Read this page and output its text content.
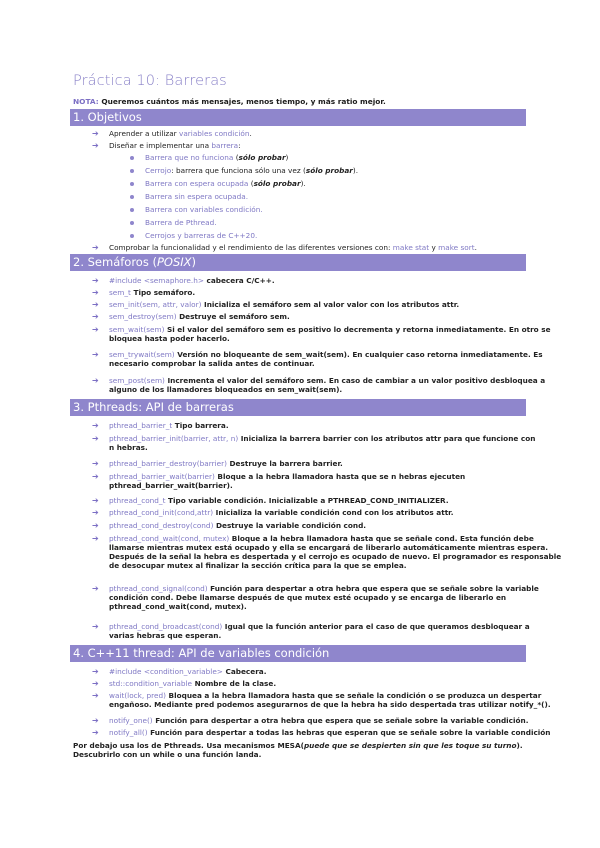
Práctica 10: Barreras
NOTA: Queremos cuántos más mensajes, menos tiempo, y más ratio mejor.
1. Objetivos
➔ Aprender a utilizar variables condición.
➔ Diseñar e implementar una barrera:
Barrera que no funciona (sólo probar)
Cerrojo: barrera que funciona sólo una vez (sólo probar).
Barrera con espera ocupada (sólo probar).
Barrera sin espera ocupada.
Barrera con variables condición.
Barrera de Pthread.
Cerrojos y barreras de C++20.
➔ Comprobar la funcionalidad y el rendimiento de las diferentes versiones con: make stat y make sort.
2. Semáforos (POSIX)
➔ #include <semaphore.h> cabecera C/C++.
➔ sem_t Tipo semáforo.
➔ sem_init(sem, attr, valor) Inicializa el semáforo sem al valor valor con los atributos attr.
➔ sem_destroy(sem) Destruye el semáforo sem.
➔ sem_wait(sem) Si el valor del semáforo sem es positivo lo decrementa y retorna inmediatamente. En otro se
bloquea hasta poder hacerlo.
➔ sem_trywait(sem) Versión no bloqueante de sem_wait(sem). En cualquier caso retorna inmediatamente. Es
necesario comprobar la salida antes de continuar.
➔ sem_post(sem) Incrementa el valor del semáforo sem. En caso de cambiar a un valor positivo desbloquea a
alguno de los llamadores bloqueados en sem_wait(sem).
3. Pthreads: API de barreras
➔ pthread_barrier_t Tipo barrera.
➔ pthread_barrier_init(barrier, attr, n) Inicializa la barrera barrier con los atributos attr para que funcione con
n hebras.
➔ pthread_barrier_destroy(barrier) Destruye la barrera barrier.
➔ pthread_barrier_wait(barrier) Bloque a la hebra llamadora hasta que se n hebras ejecuten
pthread_barrier_wait(barrier).
➔ pthread_cond_t Tipo variable condición. Inicializable a PTHREAD_COND_INITIALIZER.
➔ pthread_cond_init(cond,attr) Inicializa la variable condición cond con los atributos attr.
➔ pthread_cond_destroy(cond) Destruye la variable condición cond.
➔ pthread_cond_wait(cond, mutex) Bloque a la hebra llamadora hasta que se señale cond. Esta función debe
llamarse mientras mutex está ocupado y ella se encargará de liberarlo automáticamente mientras espera.
Después de la señal la hebra es despertada y el cerrojo es ocupado de nuevo. El programador es responsable
de desocupar mutex al finalizar la sección crítica para la que se emplea.
➔ pthread_cond_signal(cond) Función para despertar a otra hebra que espera que se señale sobre la variable
condición cond. Debe llamarse después de que mutex esté ocupado y se encarga de liberarlo en
pthread_cond_wait(cond, mutex).
➔ pthread_cond_broadcast(cond) Igual que la función anterior para el caso de que queramos desbloquear a
varias hebras que esperan.
4. C++11 thread: API de variables condición
➔ #include <condition_variable> Cabecera.
➔ std::condition_variable Nombre de la clase.
➔ wait(lock, pred) Bloquea a la hebra llamadora hasta que se señale la condición o se produzca un despertar
engañoso. Mediante pred podemos asegurarnos de que la hebra ha sido despertada tras utilizar notify_*().
➔ notify_one() Función para despertar a otra hebra que espera que se señale sobre la variable condición.
➔ notify_all() Función para despertar a todas las hebras que esperan que se señale sobre la variable condición
Por debajo usa los de Pthreads. Usa mecanismos MESA(puede que se despierten sin que les toque su turno).
Descubrirlo con un while o una función landa.
